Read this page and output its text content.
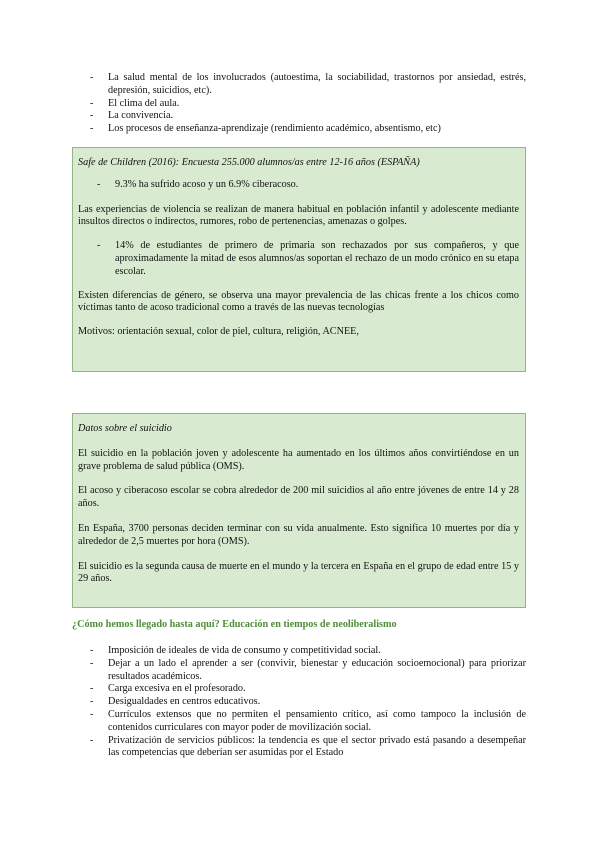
- La salud mental de los involucrados (autoestima, la sociabilidad, trastornos por ansiedad, estrés, depresión, suicidios, etc).
- El clima del aula.
- La convivencia.
- Los procesos de enseñanza-aprendizaje (rendimiento académico, absentismo, etc)

Safe de Children (2016): Encuesta 255.000 alumnos/as entre 12-16 años (ESPAÑA)

- 9.3% ha sufrido acoso y un 6.9% ciberacoso.

Las experiencias de violencia se realizan de manera habitual en población infantil y adolescente mediante insultos directos o indirectos, rumores, robo de pertenencias, amenazas o golpes.

- 14% de estudiantes de primero de primaria son rechazados por sus compañeros, y que aproximadamente la mitad de esos alumnos/as soportan el rechazo de un modo crónico en su etapa escolar.

Existen diferencias de género, se observa una mayor prevalencia de las chicas frente a los chicos como víctimas tanto de acoso tradicional como a través de las nuevas tecnologías

Motivos: orientación sexual, color de piel, cultura, religión, ACNEE,

Datos sobre el suicidio

El suicidio en la población joven y adolescente ha aumentado en los últimos años convirtiéndose en un grave problema de salud pública (OMS).

El acoso y ciberacoso escolar se cobra alrededor de 200 mil suicidios al año entre jóvenes de entre 14 y 28 años.

En España, 3700 personas deciden terminar con su vida anualmente. Esto significa 10 muertes por día y alrededor de 2,5 muertes por hora (OMS).

El suicidio es la segunda causa de muerte en el mundo y la tercera en España en el grupo de edad entre 15 y 29 años.

¿Cómo hemos llegado hasta aquí? Educación en tiempos de neoliberalismo
- Imposición de ideales de vida de consumo y competitividad social.
- Dejar a un lado el aprender a ser (convivir, bienestar y educación socioemocional) para priorizar resultados académicos.
- Carga excesiva en el profesorado.
- Desigualdades en centros educativos.
- Currículos extensos que no permiten el pensamiento crítico, así como tampoco la inclusión de contenidos curriculares con mayor poder de movilización social.
- Privatización de servicios públicos: la tendencia es que el sector privado está pasando a desempeñar las competencias que deberían ser asumidas por el Estado
